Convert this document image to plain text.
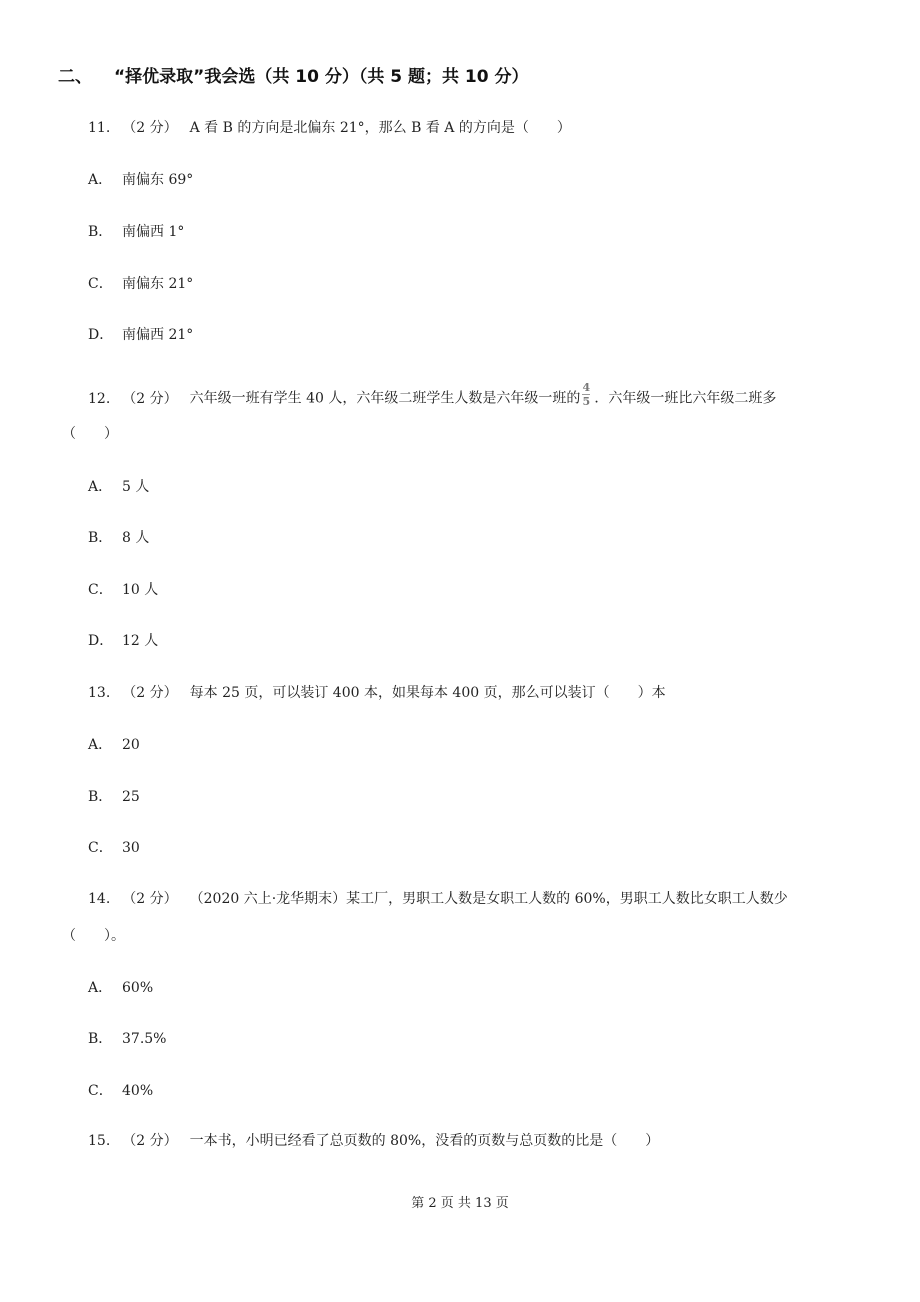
二、 “择优录取”我会选（共 10 分）（共 5 题；共 10 分）
11. （2 分） A 看 B 的方向是北偏东 21°，那么 B 看 A 的方向是（　　）
A． 南偏东 69°
B． 南偏西 1°
C． 南偏东 21°
D． 南偏西 21°
12. （2 分） 六年级一班有学生 40 人，六年级二班学生人数是六年级一班的 $\frac{4}{5}$ ．六年级一班比六年级二班多
（　　）
A． 5 人
B． 8 人
C． 10 人
D． 12 人
13. （2 分） 每本 25 页，可以装订 400 本，如果每本 400 页，那么可以装订（　　）本
A． 20
B． 25
C． 30
14. （2 分） （2020 六上·龙华期末）某工厂，男职工人数是女职工人数的 60%，男职工人数比女职工人数少
（　　）。
A． 60%
B． 37.5%
C． 40%
15. （2 分） 一本书，小明已经看了总页数的 80%，没看的页数与总页数的比是（　　）
第 2 页 共 13 页
